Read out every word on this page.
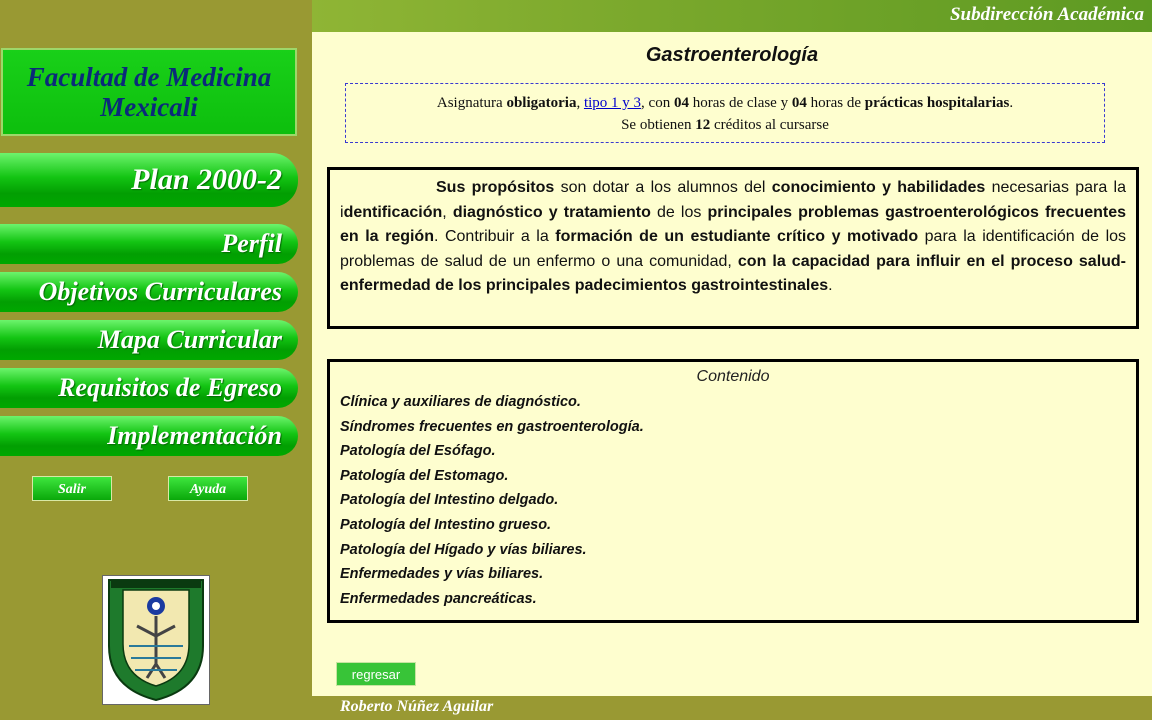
Subdirección Académica
Roberto Núñez Aguilar
Facultad de Medicina
Mexicali
Plan 2000-2
Perfil
Objetivos Curriculares
Mapa Curricular
Requisitos de Egreso
Implementación
Salir	Ayuda
Gastroenterología
Asignatura obligatoria, tipo 1 y 3, con 04 horas de clase y 04 horas de prácticas hospitalarias.
Se obtienen 12 créditos al cursarse
Sus propósitos son dotar a los alumnos del conocimiento y habilidades necesarias para la identificación, diagnóstico y tratamiento de los principales problemas gastroenterológicos frecuentes en la región. Contribuir a la formación de un estudiante crítico y motivado para la identificación de los problemas de salud de un enfermo o una comunidad, con la capacidad para influir en el proceso salud-enfermedad de los principales padecimientos gastrointestinales.
Contenido
Clínica y auxiliares de diagnóstico.
Síndromes frecuentes en gastroenterología.
Patología del Esófago.
Patología del Estomago.
Patología del Intestino delgado.
Patología del Intestino grueso.
Patología del Hígado y vías biliares.
Enfermedades y vías biliares.
Enfermedades pancreáticas.
regresar
